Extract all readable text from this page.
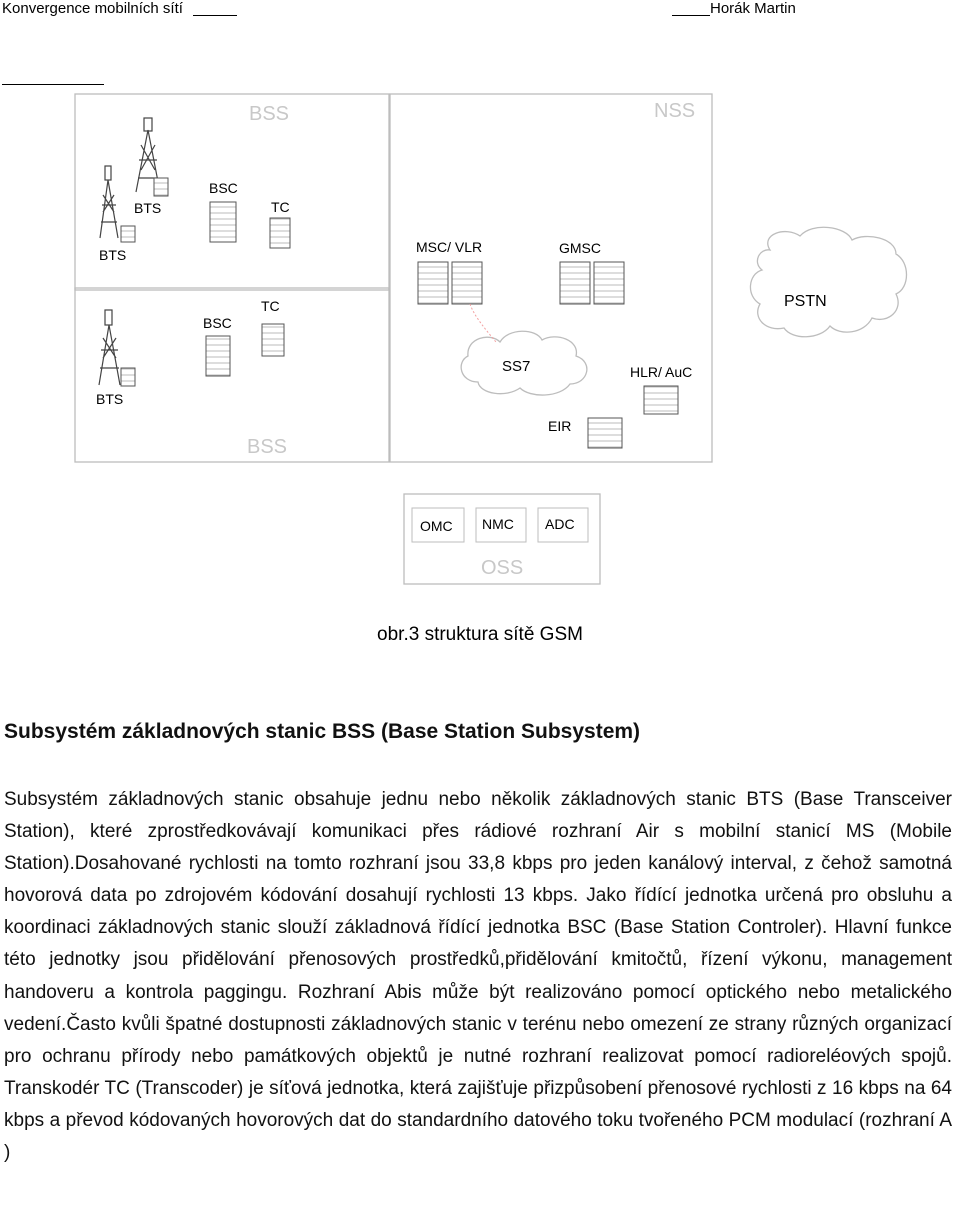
Konvergence mobilních sítí	Horák Martin
BSS	NSS
BSS
OSS
BTS
BTS
BSC
TC
BSC
TC
BTS
MSC/ VLR	GMSC
SS7	HLR/ AuC
EIR
PSTN
OMC NMC ADC
obr.3 struktura sítě GSM
Subsystém základnových stanic BSS (Base Station Subsystem)

Subsystém základnových stanic obsahuje jednu nebo několik základnových stanic BTS (Base Transceiver Station), které zprostředkovávají komunikaci přes rádiové rozhraní Air s mobilní stanicí MS (Mobile Station).Dosahované rychlosti na tomto rozhraní jsou 33,8 kbps pro jeden kanálový interval, z čehož samotná hovorová data po zdrojovém kódování dosahují rychlosti 13 kbps. Jako řídící jednotka určená pro obsluhu a koordinaci základnových stanic slouží základnová řídící jednotka BSC (Base Station Controler). Hlavní funkce této jednotky jsou přidělování přenosových prostředků,přidělování kmitočtů, řízení výkonu, management handoveru a kontrola paggingu. Rozhraní Abis může být realizováno pomocí optického nebo metalického vedení.Často kvůli špatné dostupnosti základnových stanic v terénu nebo omezení ze strany různých organizací pro ochranu přírody nebo památkových objektů je nutné rozhraní realizovat pomocí radioreléových spojů. Transkodér TC (Transcoder) je síťová jednotka, která zajišťuje přizpůsobení přenosové rychlosti z 16 kbps na 64 kbps a převod kódovaných hovorových dat do standardního datového toku tvořeného PCM modulací (rozhraní A )
